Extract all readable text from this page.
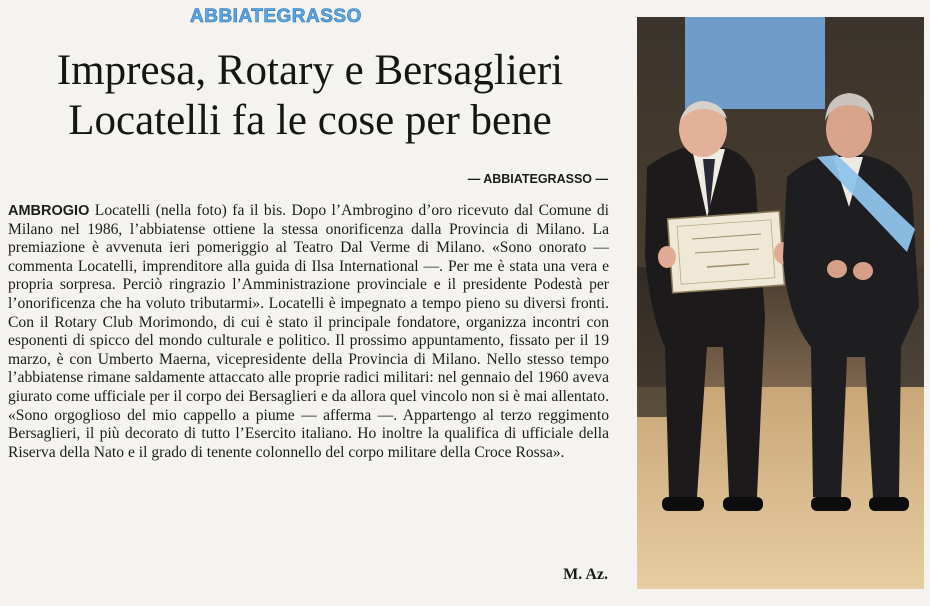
ABBIATEGRASSO
Impresa, Rotary e Bersaglieri
Locatelli fa le cose per bene
— ABBIATEGRASSO —

AMBROGIO Locatelli (nella foto) fa il bis. Dopo l’Ambrogino d’oro ricevuto dal Comune di Milano nel 1986, l’abbiatense ottiene la stessa onorificenza dalla Provincia di Milano. La premiazione è avvenuta ieri pomeriggio al Teatro Dal Verme di Milano. «Sono onorato — commenta Locatelli, imprenditore alla guida di Ilsa International —. Per me è stata una vera e propria sorpresa. Perciò ringrazio l’Amministrazione provinciale e il presidente Podestà per l’onorificenza che ha voluto tributarmi». Locatelli è impegnato a tempo pieno su diversi fronti. Con il Rotary Club Morimondo, di cui è stato il principale fondatore, organizza incontri con esponenti di spicco del mondo culturale e politico. Il prossimo appuntamento, fissato per il 19 marzo, è con Umberto Maerna, vicepresidente della Provincia di Milano. Nello stesso tempo l’abbiatense rimane saldamente attaccato alle proprie radici militari: nel gennaio del 1960 aveva giurato come ufficiale per il corpo dei Bersaglieri e da allora quel vincolo non si è mai allentato. «Sono orgoglioso del mio cappello a piume — afferma —. Appartengo al terzo reggimento Bersaglieri, il più decorato di tutto l’Esercito italiano. Ho inoltre la qualifica di ufficiale della Riserva della Nato e il grado di tenente colonnello del corpo militare della Croce Rossa».

M. Az.
